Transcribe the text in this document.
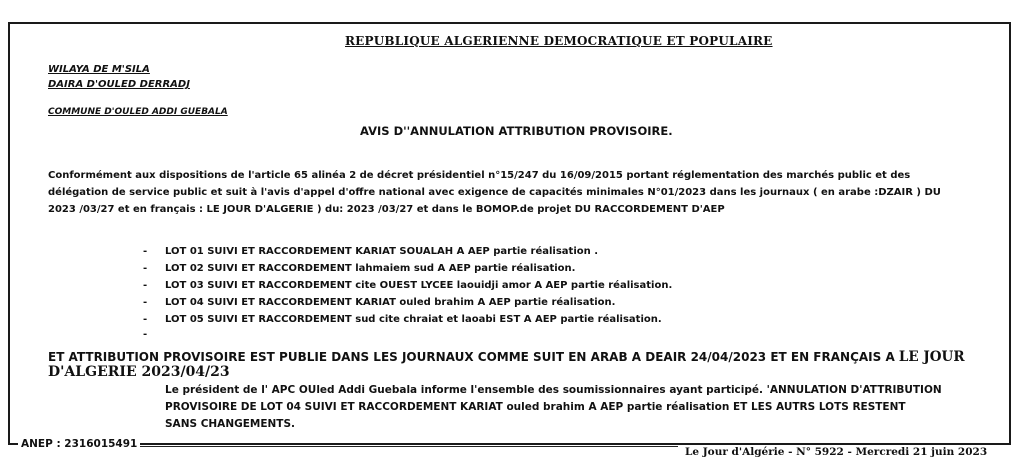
REPUBLIQUE ALGERIENNE DEMOCRATIQUE ET POPULAIRE
WILAYA DE M'SILA
DAIRA D'OULED DERRADJ
COMMUNE D'OULED ADDI GUEBALA
AVIS D''ANNULATION ATTRIBUTION PROVISOIRE.
Conformément aux dispositions de l'article 65 alinéa 2 de décret présidentiel n°15/247 du 16/09/2015 portant réglementation des marchés public et des
délégation de service public et suit à l'avis d'appel d'offre national avec exigence de capacités minimales N°01/2023 dans les journaux ( en arabe :DZAIR ) DU
2023 /03/27 et en français : LE JOUR D'ALGERIE ) du: 2023 /03/27 et dans le BOMOP.de projet DU RACCORDEMENT D'AEP
- LOT 01 SUIVI ET RACCORDEMENT KARIAT SOUALAH A AEP partie réalisation .
- LOT 02 SUIVI ET RACCORDEMENT lahmaiem sud A AEP partie réalisation.
- LOT 03 SUIVI ET RACCORDEMENT cite OUEST LYCEE laouidji amor A AEP partie réalisation.
- LOT 04 SUIVI ET RACCORDEMENT KARIAT ouled brahim A AEP partie réalisation.
- LOT 05 SUIVI ET RACCORDEMENT sud cite chraiat et laoabi EST A AEP partie réalisation.
-
ET ATTRIBUTION PROVISOIRE EST PUBLIE DANS LES JOURNAUX COMME SUIT EN ARAB A DEAIR 24/04/2023 ET EN FRANÇAIS A LE JOUR
D'ALGERIE 2023/04/23
Le président de l' APC OUled Addi Guebala informe l'ensemble des soumissionnaires ayant participé. 'ANNULATION D'ATTRIBUTION
PROVISOIRE DE LOT 04 SUIVI ET RACCORDEMENT KARIAT ouled brahim A AEP partie réalisation ET LES AUTRS LOTS RESTENT
SANS CHANGEMENTS.
ANEP : 2316015491
Le Jour d'Algérie - N° 5922 - Mercredi 21 juin 2023
